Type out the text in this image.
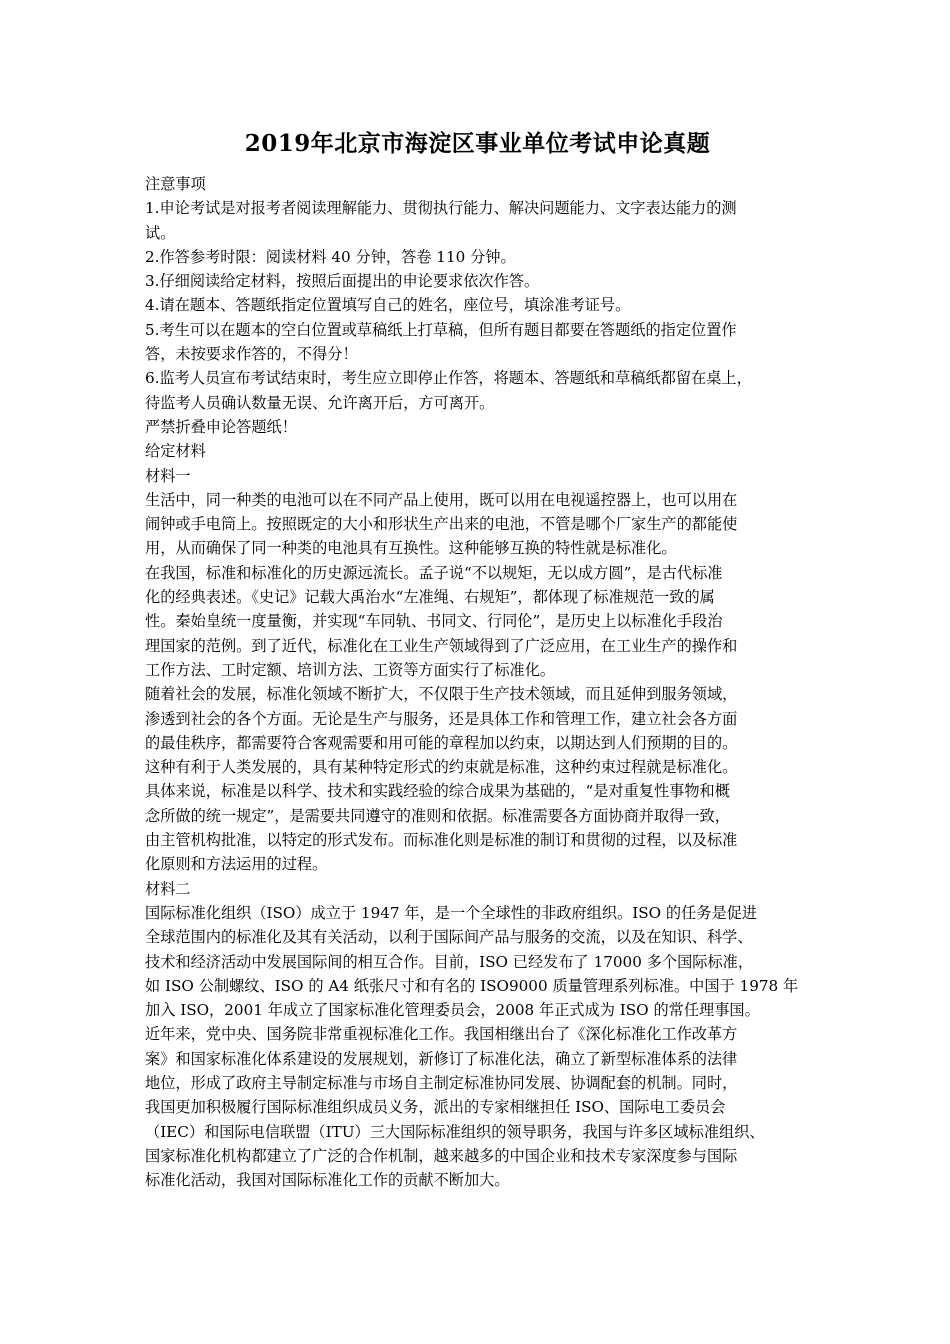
2019年北京市海淀区事业单位考试申论真题

注意事项

1.申论考试是对报考者阅读理解能力、贯彻执行能力、解决问题能力、文字表达能力的测

试。

2.作答参考时限：阅读材料 40 分钟，答卷 110 分钟。

3.仔细阅读给定材料，按照后面提出的申论要求依次作答。

4.请在题本、答题纸指定位置填写自己的姓名，座位号，填涂准考证号。

5.考生可以在题本的空白位置或草稿纸上打草稿，但所有题目都要在答题纸的指定位置作

答，未按要求作答的，不得分！

6.监考人员宣布考试结束时，考生应立即停止作答，将题本、答题纸和草稿纸都留在桌上，

待监考人员确认数量无误、允许离开后，方可离开。

严禁折叠申论答题纸！

给定材料

材料一

生活中，同一种类的电池可以在不同产品上使用，既可以用在电视遥控器上，也可以用在

闹钟或手电筒上。按照既定的大小和形状生产出来的电池，不管是哪个厂家生产的都能使

用，从而确保了同一种类的电池具有互换性。这种能够互换的特性就是标准化。

在我国，标准和标准化的历史源远流长。孟子说“不以规矩，无以成方圆”，是古代标准

化的经典表述。《史记》记载大禹治水“左准绳、右规矩”，都体现了标准规范一致的属

性。秦始皇统一度量衡，并实现“车同轨、书同文、行同伦”，是历史上以标准化手段治

理国家的范例。到了近代，标准化在工业生产领域得到了广泛应用，在工业生产的操作和

工作方法、工时定额、培训方法、工资等方面实行了标准化。

随着社会的发展，标准化领域不断扩大，不仅限于生产技术领域，而且延伸到服务领域，

渗透到社会的各个方面。无论是生产与服务，还是具体工作和管理工作，建立社会各方面

的最佳秩序，都需要符合客观需要和用可能的章程加以约束，以期达到人们预期的目的。

这种有利于人类发展的，具有某种特定形式的约束就是标准，这种约束过程就是标准化。

具体来说，标准是以科学、技术和实践经验的综合成果为基础的，“是对重复性事物和概

念所做的统一规定”，是需要共同遵守的准则和依据。标准需要各方面协商并取得一致，

由主管机构批准，以特定的形式发布。而标准化则是标准的制订和贯彻的过程，以及标准

化原则和方法运用的过程。

材料二

国际标准化组织（ISO）成立于 1947 年，是一个全球性的非政府组织。ISO 的任务是促进

全球范围内的标准化及其有关活动，以利于国际间产品与服务的交流，以及在知识、科学、

技术和经济活动中发展国际间的相互合作。目前，ISO 已经发布了 17000 多个国际标准，

如 ISO 公制螺纹、ISO 的 A4 纸张尺寸和有名的 ISO9000 质量管理系列标准。中国于 1978 年

加入 ISO，2001 年成立了国家标准化管理委员会，2008 年正式成为 ISO 的常任理事国。

近年来，党中央、国务院非常重视标准化工作。我国相继出台了《深化标准化工作改革方

案》和国家标准化体系建设的发展规划，新修订了标准化法，确立了新型标准体系的法律

地位，形成了政府主导制定标准与市场自主制定标准协同发展、协调配套的机制。同时，

我国更加积极履行国际标准组织成员义务，派出的专家相继担任 ISO、国际电工委员会

（IEC）和国际电信联盟（ITU）三大国际标准组织的领导职务，我国与许多区域标准组织、

国家标准化机构都建立了广泛的合作机制，越来越多的中国企业和技术专家深度参与国际

标准化活动，我国对国际标准化工作的贡献不断加大。
